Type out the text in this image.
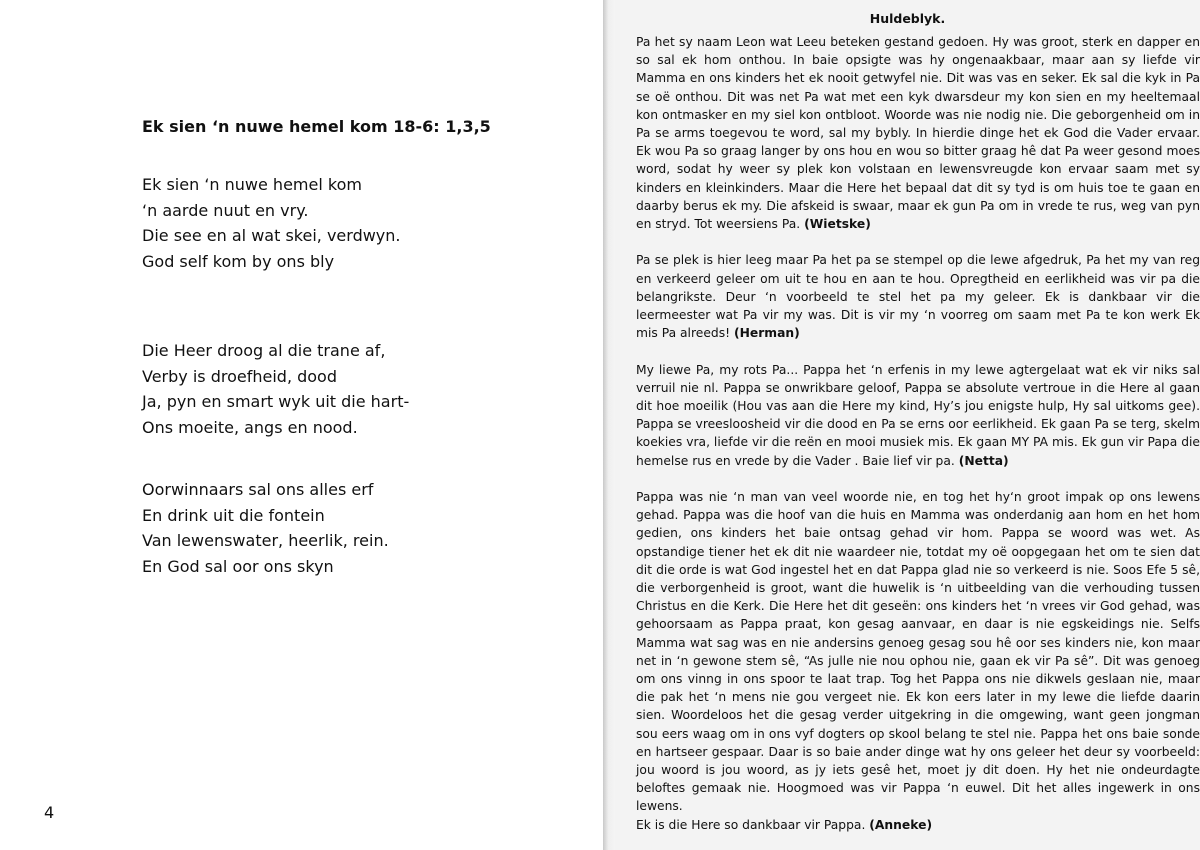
Ek sien ‘n nuwe hemel kom 18-6: 1,3,5
Ek sien ‘n nuwe hemel kom
‘n aarde nuut en vry.
Die see en al wat skei, verdwyn.
God self kom by ons bly
Die Heer droog al die trane af,
Verby is droefheid, dood
Ja, pyn en smart wyk uit die hart-
Ons moeite, angs en nood.
Oorwinnaars sal ons alles erf
En drink uit die fontein
Van lewenswater, heerlik, rein.
En God sal oor ons skyn
4
Huldeblyk.

Pa het sy naam Leon wat Leeu beteken gestand gedoen. Hy was groot, sterk en dapper en so sal ek hom onthou. In baie opsigte was hy ongenaakbaar, maar aan sy liefde vir Mamma en ons kinders het ek nooit getwyfel nie. Dit was vas en seker. Ek sal die kyk in Pa se oë onthou. Dit was net Pa wat met een kyk dwarsdeur my kon sien en my heeltemaal kon ontmasker en my siel kon ontbloot. Woorde was nie nodig nie. Die geborgenheid om in Pa se arms toegevou te word, sal my bybly. In hierdie dinge het ek God die Vader ervaar. Ek wou Pa so graag langer by ons hou en wou so bitter graag hê dat Pa weer gesond moes word, sodat hy weer sy plek kon volstaan en lewensvreugde kon ervaar saam met sy kinders en kleinkinders. Maar die Here het bepaal dat dit sy tyd is om huis toe te gaan en daarby berus ek my. Die afskeid is swaar, maar ek gun Pa om in vrede te rus, weg van pyn en stryd. Tot weersiens Pa. (Wietske)

Pa se plek is hier leeg maar Pa het pa se stempel op die lewe afgedruk, Pa het my van reg en verkeerd geleer om uit te hou en aan te hou. Opregtheid en eerlikheid was vir pa die belangrikste. Deur ‘n voorbeeld te stel het pa my geleer. Ek is dankbaar vir die leermeester wat Pa vir my was. Dit is vir my ‘n voorreg om saam met Pa te kon werk Ek mis Pa alreeds! (Herman)

My liewe Pa, my rots Pa... Pappa het ‘n erfenis in my lewe agtergelaat wat ek vir niks sal verruil nie nl. Pappa se onwrikbare geloof, Pappa se absolute vertroue in die Here al gaan dit hoe moeilik (Hou vas aan die Here my kind, Hy’s jou enigste hulp, Hy sal uitkoms gee). Pappa se vreesloosheid vir die dood en Pa se erns oor eerlikheid. Ek gaan Pa se terg, skelm koekies vra, liefde vir die reën en mooi musiek mis. Ek gaan MY PA mis. Ek gun vir Papa die hemelse rus en vrede by die Vader . Baie lief vir pa. (Netta)

Pappa was nie ‘n man van veel woorde nie, en tog het hy‘n groot impak op ons lewens gehad. Pappa was die hoof van die huis en Mamma was onderdanig aan hom en het hom gedien, ons kinders het baie ontsag gehad vir hom. Pappa se woord was wet. As opstandige tiener het ek dit nie waardeer nie, totdat my oë oopgegaan het om te sien dat dit die orde is wat God ingestel het en dat Pappa glad nie so verkeerd is nie. Soos Efe 5 sê, die verborgenheid is groot, want die huwelik is ‘n uitbeelding van die verhouding tussen Christus en die Kerk. Die Here het dit geseën: ons kinders het ‘n vrees vir God gehad, was gehoorsaam as Pappa praat, kon gesag aanvaar, en daar is nie egskeidings nie. Selfs Mamma wat sag was en nie andersins genoeg gesag sou hê oor ses kinders nie, kon maar net in ‘n gewone stem sê, “As julle nie nou ophou nie, gaan ek vir Pa sê”. Dit was genoeg om ons vinng in ons spoor te laat trap. Tog het Pappa ons nie dikwels geslaan nie, maar die pak het ‘n mens nie gou vergeet nie. Ek kon eers later in my lewe die liefde daarin sien. Woordeloos het die gesag verder uitgekring in die omgewing, want geen jongman sou eers waag om in ons vyf dogters op skool belang te stel nie. Pappa het ons baie sonde en hartseer gespaar. Daar is so baie ander dinge wat hy ons geleer het deur sy voorbeeld: jou woord is jou woord, as jy iets gesê het, moet jy dit doen. Hy het nie ondeurdagte beloftes gemaak nie. Hoogmoed was vir Pappa ‘n euwel. Dit het alles ingewerk in ons lewens.

Ek is die Here so dankbaar vir Pappa. (Anneke)
